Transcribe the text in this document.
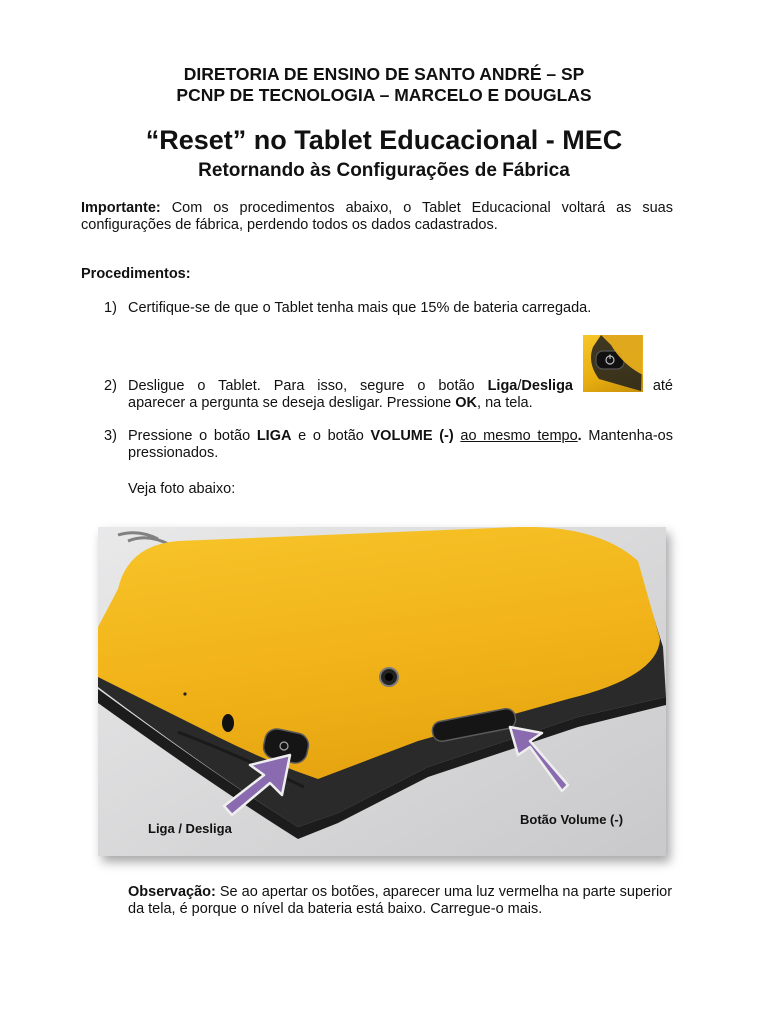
DIRETORIA DE ENSINO DE SANTO ANDRÉ – SP
PCNP DE TECNOLOGIA – MARCELO E DOUGLAS
“Reset” no Tablet Educacional - MEC
Retornando às Configurações de Fábrica
Importante: Com os procedimentos abaixo, o Tablet Educacional voltará as suas configurações de fábrica, perdendo todos os dados cadastrados.
Procedimentos:
1) Certifique-se de que o Tablet tenha mais que 15% de bateria carregada.
2) Desligue o Tablet. Para isso, segure o botão Liga/Desliga	até
aparecer a pergunta se deseja desligar. Pressione OK, na tela.
3) Pressione o botão LIGA e o botão VOLUME (-) ao mesmo tempo. Mantenha-os pressionados.
Veja foto abaixo:
Liga / Desliga
Botão Volume (-)
Observação: Se ao apertar os botões, aparecer uma luz vermelha na parte superior da tela, é porque o nível da bateria está baixo. Carregue-o mais.
